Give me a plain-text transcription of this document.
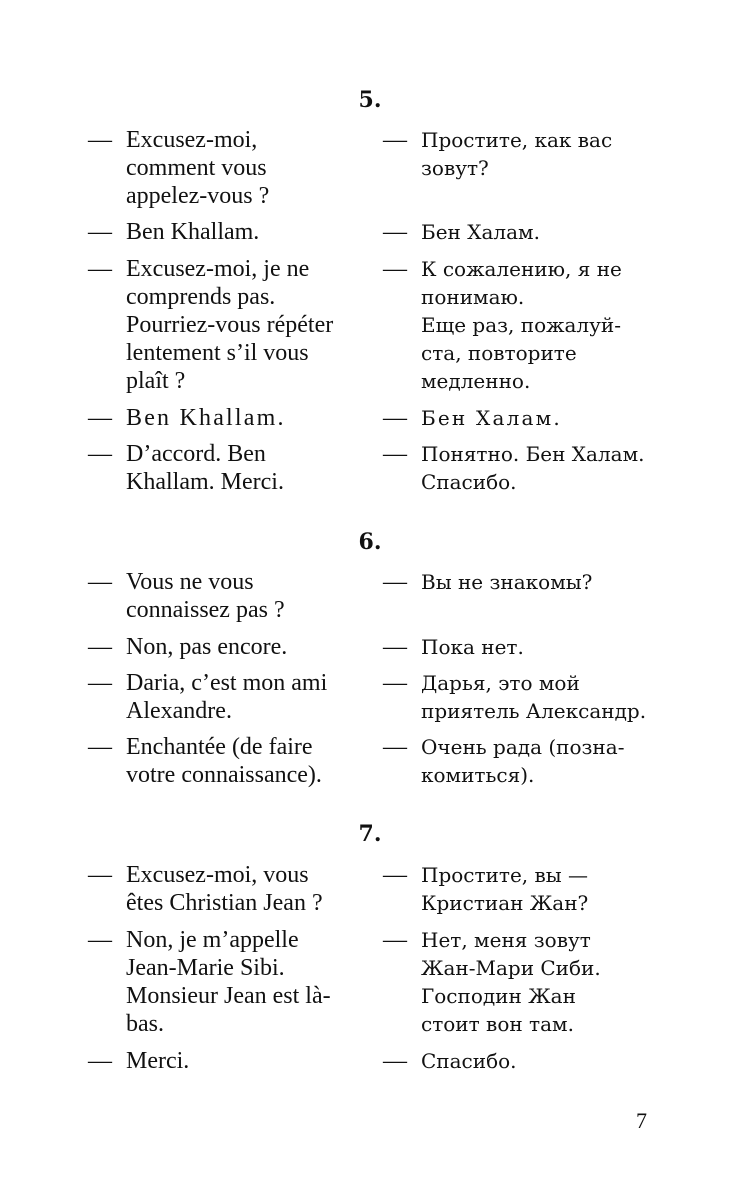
5.
— Excusez-moi,
comment vous
appelez-vous ?
— Простите, как вас
зовут?
— Ben Khallam.	— Бен Халам.
— Excusez-moi, je ne
comprends pas.
Pourriez-vous répéter
lentement s’il vous
plaît ?
— К сожалению, я не
понимаю.
Еще раз, пожалуй-
ста, повторите
медленно.
— Ben Khallam.	— Бен Халам.
— D’accord. Ben
Khallam. Merci.
— Понятно. Бен Халам.
Спасибо.
6.
— Vous ne vous
connaissez pas ?
— Вы не знакомы?
— Non, pas encore.	— Пока нет.
— Daria, c’est mon ami
Alexandre.
— Дарья, это мой
приятель Александр.
— Enchantée (de faire
votre connaissance).
— Очень рада (позна-
комиться).
7.
— Excusez-moi, vous
êtes Christian Jean ?
— Простите, вы —
Кристиан Жан?
— Non, je m’appelle
Jean-Marie Sibi.
Monsieur Jean est là-
bas.
— Нет, меня зовут
Жан-Мари Сиби.
Господин Жан
стоит вон там.
— Merci.	— Спасибо.
7
